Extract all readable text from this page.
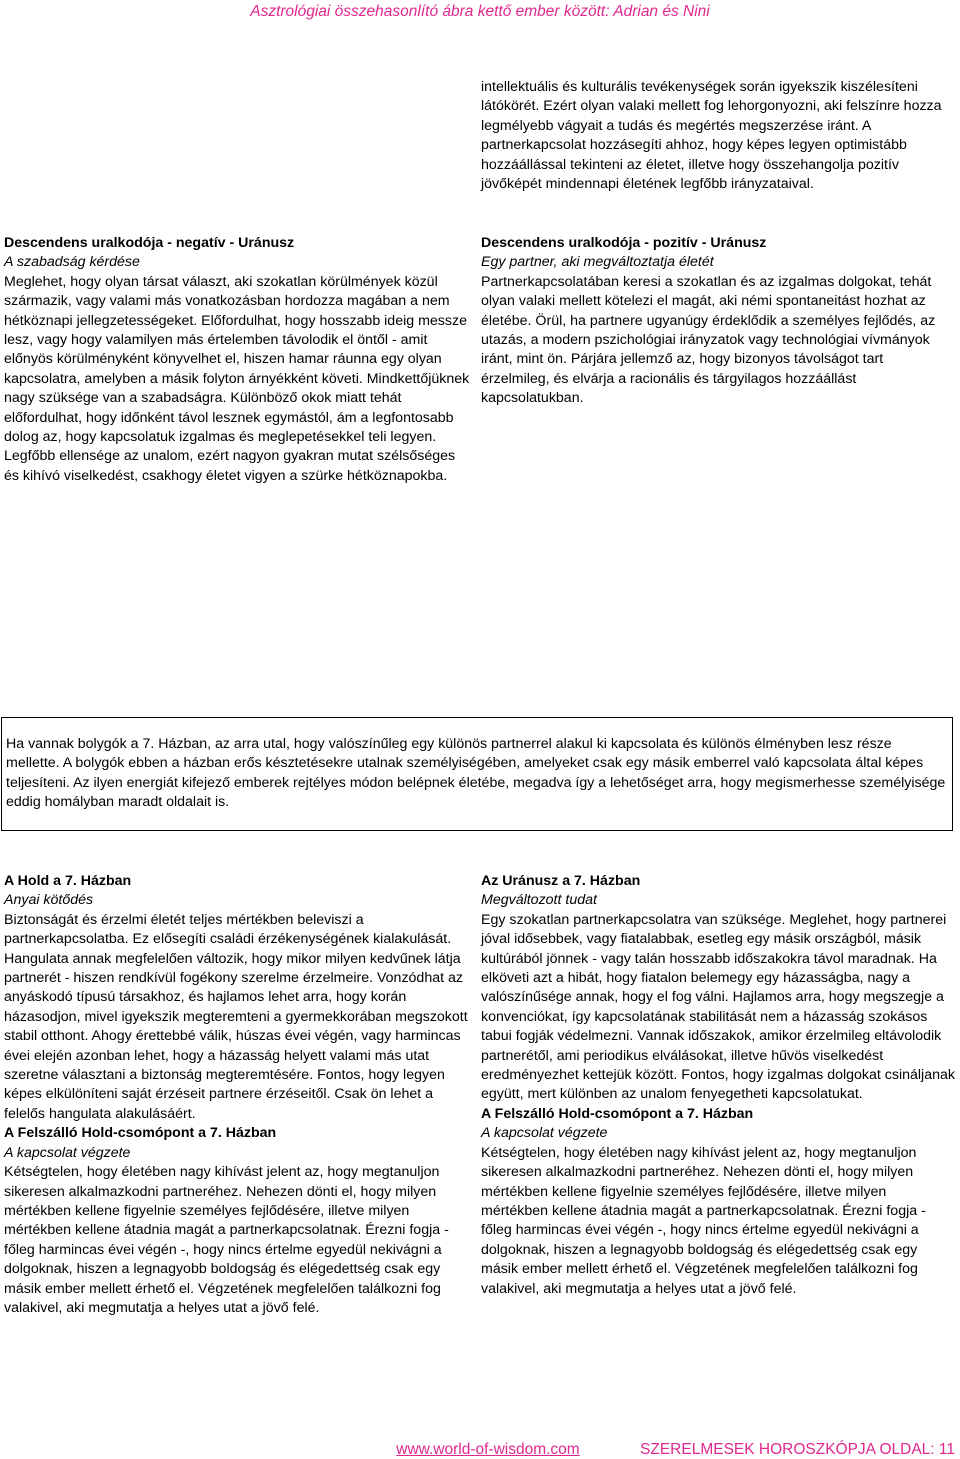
Asztrológiai összehasonlító ábra kettő ember között: Adrian és Nini

intellektuális és kulturális tevékenységek során igyekszik kiszélesíteni látókörét. Ezért olyan valaki mellett fog lehorgonyozni, aki felszínre hozza legmélyebb vágyait a tudás és megértés megszerzése iránt. A partnerkapcsolat hozzásegíti ahhoz, hogy képes legyen optimistább hozzáállással tekinteni az életet, illetve hogy összehangolja pozitív jövőképét mindennapi életének legfőbb irányzataival.

Descendens uralkodója - negatív - Uránusz

A szabadság kérdése

Meglehet, hogy olyan társat választ, aki szokatlan körülmények közül származik, vagy valami más vonatkozásban hordozza magában a nem hétköznapi jellegzetességeket. Előfordulhat, hogy hosszabb ideig messze lesz, vagy hogy valamilyen más értelemben távolodik el öntől - amit előnyös körülményként könyvelhet el, hiszen hamar ráunna egy olyan kapcsolatra, amelyben a másik folyton árnyékként követi. Mindkettőjüknek nagy szüksége van a szabadságra. Különböző okok miatt tehát előfordulhat, hogy időnként távol lesznek egymástól, ám a legfontosabb dolog az, hogy kapcsolatuk izgalmas és meglepetésekkel teli legyen. Legfőbb ellensége az unalom, ezért nagyon gyakran mutat szélsőséges és kihívó viselkedést, csakhogy életet vigyen a szürke hétköznapokba.

Descendens uralkodója - pozitív - Uránusz

Egy partner, aki megváltoztatja életét

Partnerkapcsolatában keresi a szokatlan és az izgalmas dolgokat, tehát olyan valaki mellett kötelezi el magát, aki némi spontaneitást hozhat az életébe. Örül, ha partnere ugyanúgy érdeklődik a személyes fejlődés, az utazás, a modern pszichológiai irányzatok vagy technológiai vívmányok iránt, mint ön. Párjára jellemző az, hogy bizonyos távolságot tart érzelmileg, és elvárja a racionális és tárgyilagos hozzáállást kapcsolatukban.

Ha vannak bolygók a 7. Házban, az arra utal, hogy valószínűleg egy különös partnerrel alakul ki kapcsolata és különös élményben lesz része mellette. A bolygók ebben a házban erős késztetésekre utalnak személyiségében, amelyeket csak egy másik emberrel való kapcsolata által képes teljesíteni. Az ilyen energiát kifejező emberek rejtélyes módon belépnek életébe, megadva így a lehetőséget arra, hogy megismerhesse személyisége eddig homályban maradt oldalait is.

A Hold a 7. Házban

Anyai kötődés

Biztonságát és érzelmi életét teljes mértékben beleviszi a partnerkapcsolatba. Ez elősegíti családi érzékenységének kialakulását. Hangulata annak megfelelően változik, hogy mikor milyen kedvűnek látja partnerét - hiszen rendkívül fogékony szerelme érzelmeire. Vonzódhat az anyáskodó típusú társakhoz, és hajlamos lehet arra, hogy korán házasodjon, mivel igyekszik megteremteni a gyermekkorában megszokott stabil otthont. Ahogy érettebbé válik, húszas évei végén, vagy harmincas évei elején azonban lehet, hogy a házasság helyett valami más utat szeretne választani a biztonság megteremtésére. Fontos, hogy legyen képes elkülöníteni saját érzéseit partnere érzéseitől. Csak ön lehet a felelős hangulata alakulásáért.

A Felszálló Hold-csomópont a 7. Házban

A kapcsolat végzete

Kétségtelen, hogy életében nagy kihívást jelent az, hogy megtanuljon sikeresen alkalmazkodni partneréhez. Nehezen dönti el, hogy milyen mértékben kellene figyelnie személyes fejlődésére, illetve milyen mértékben kellene átadnia magát a partnerkapcsolatnak. Érezni fogja - főleg harmincas évei végén -, hogy nincs értelme egyedül nekivágni a dolgoknak, hiszen a legnagyobb boldogság és elégedettség csak egy másik ember mellett érhető el. Végzetének megfelelően találkozni fog valakivel, aki megmutatja a helyes utat a jövő felé.

Az Uránusz a 7. Házban

Megváltozott tudat

Egy szokatlan partnerkapcsolatra van szüksége. Meglehet, hogy partnerei jóval idősebbek, vagy fiatalabbak, esetleg egy másik országból, másik kultúrából jönnek - vagy talán hosszabb időszakokra távol maradnak. Ha elköveti azt a hibát, hogy fiatalon belemegy egy házasságba, nagy a valószínűsége annak, hogy el fog válni. Hajlamos arra, hogy megszegje a konvenciókat, így kapcsolatának stabilitását nem a házasság szokásos tabui fogják védelmezni. Vannak időszakok, amikor érzelmileg eltávolodik partnerétől, ami periodikus elválásokat, illetve hűvös viselkedést eredményezhet kettejük között. Fontos, hogy izgalmas dolgokat csináljanak együtt, mert különben az unalom fenyegetheti kapcsolatukat.

A Felszálló Hold-csomópont a 7. Házban

A kapcsolat végzete

Kétségtelen, hogy életében nagy kihívást jelent az, hogy megtanuljon sikeresen alkalmazkodni partneréhez. Nehezen dönti el, hogy milyen mértékben kellene figyelnie személyes fejlődésére, illetve milyen mértékben kellene átadnia magát a partnerkapcsolatnak. Érezni fogja - főleg harmincas évei végén -, hogy nincs értelme egyedül nekivágni a dolgoknak, hiszen a legnagyobb boldogság és elégedettség csak egy másik ember mellett érhető el. Végzetének megfelelően találkozni fog valakivel, aki megmutatja a helyes utat a jövő felé.

www.world-of-wisdom.com	SZERELMESEK HOROSZKÓPJA OLDAL: 11
